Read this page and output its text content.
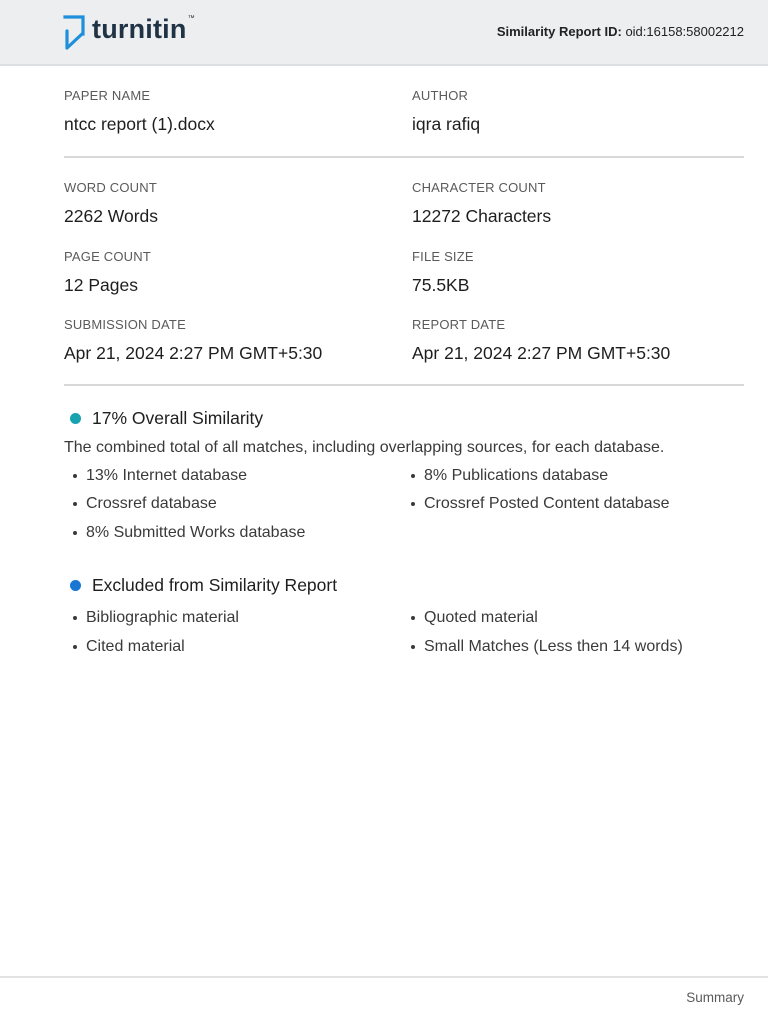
turnitin ™
Similarity Report ID: oid:16158:58002212
PAPER NAME
ntcc report (1).docx
AUTHOR
iqra rafiq
WORD COUNT
2262 Words
CHARACTER COUNT
12272 Characters
PAGE COUNT
12 Pages
FILE SIZE
75.5KB
SUBMISSION DATE
Apr 21, 2024 2:27 PM GMT+5:30
REPORT DATE
Apr 21, 2024 2:27 PM GMT+5:30
17% Overall Similarity
The combined total of all matches, including overlapping sources, for each database.
13% Internet database	8% Publications database
Crossref database	Crossref Posted Content database
8% Submitted Works database
Excluded from Similarity Report
Bibliographic material	Quoted material
Cited material	Small Matches (Less then 14 words)
Summary
